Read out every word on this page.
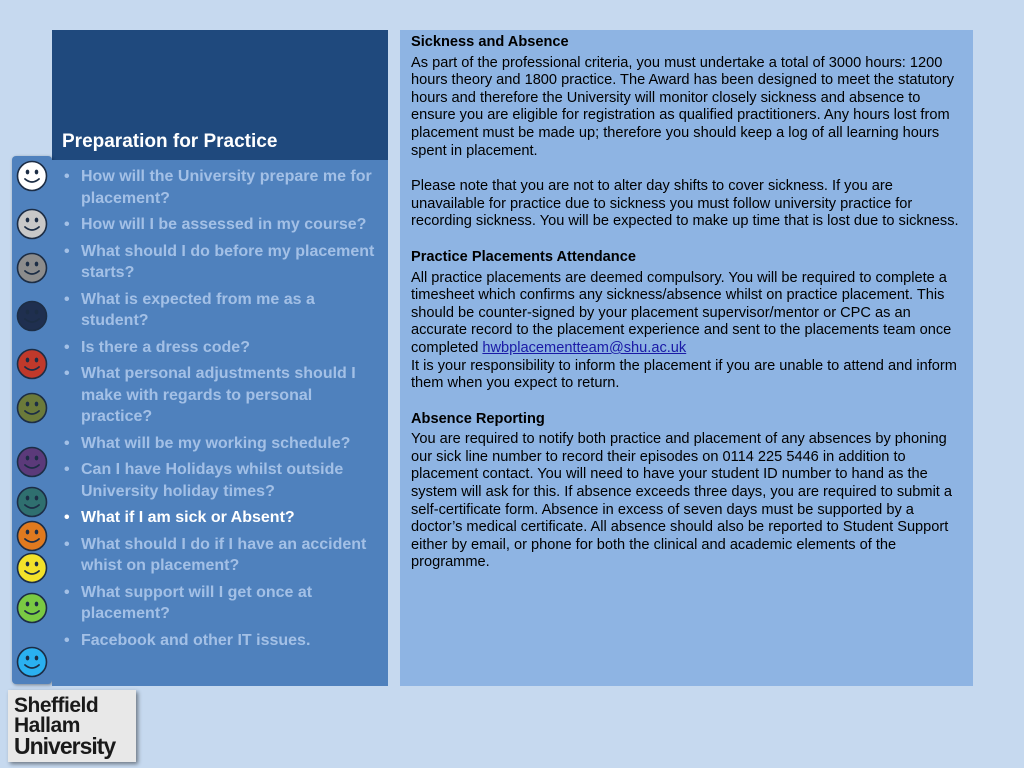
Preparation for Practice
• How will the University prepare me for placement?
• How will I be assessed in my course?
• What should I do before my placement starts?
• What is expected from me as a student?
• Is there a dress code?
• What personal adjustments should I make with regards to personal practice?
• What will be my working schedule?
• Can I have Holidays whilst outside University holiday times?
• What if I am sick or Absent?
• What should I do if I have an accident whist on placement?
• What support will I get once at placement?
• Facebook and other IT issues.

Sickness and Absence

As part of the professional criteria, you must undertake a total of 3000 hours: 1200 hours theory and 1800 practice. The Award has been designed to meet the statutory hours and therefore the University will monitor closely sickness and absence to ensure you are eligible for registration as qualified practitioners. Any hours lost from placement must be made up; therefore you should keep a log of all learning hours spent in placement.

Please note that you are not to alter day shifts to cover sickness. If you are unavailable for practice due to sickness you must follow university practice for recording sickness. You will be expected to make up time that is lost due to sickness.

Practice Placements Attendance

All practice placements are deemed compulsory. You will be required to complete a timesheet which confirms any sickness/absence whilst on practice placement. This should be counter-signed by your placement supervisor/mentor or CPC as an accurate record to the placement experience and sent to the placements team once completed hwbplacementteam@shu.ac.uk

It is your responsibility to inform the placement if you are unable to attend and inform them when you expect to return.

Absence Reporting

You are required to notify both practice and placement of any absences by phoning our sick line number to record their episodes on 0114 225 5446 in addition to placement contact. You will need to have your student ID number to hand as the system will ask for this. If absence exceeds three days, you are required to submit a self-certificate form. Absence in excess of seven days must be supported by a doctor’s medical certificate. All absence should also be reported to Student Support either by email, or phone for both the clinical and academic elements of the programme.

Sheffield
Hallam
University
